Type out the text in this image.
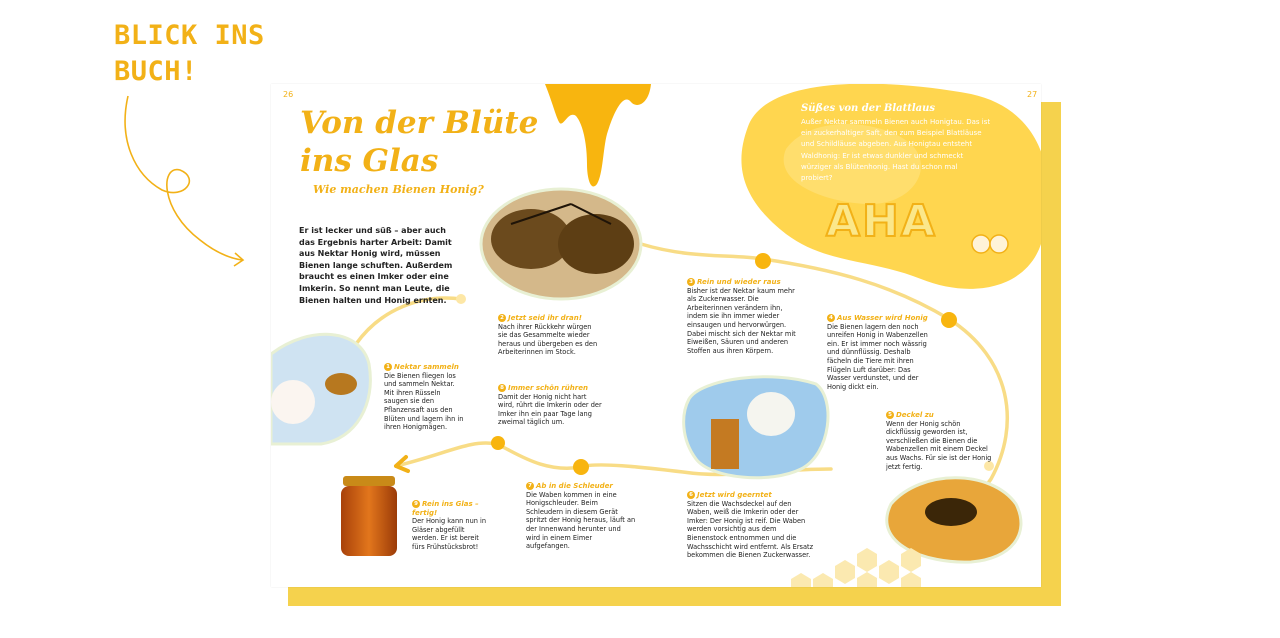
BLICK INS
BUCH!
26	27
Von der Blüte
ins Glas
Wie machen Bienen Honig?
Er ist lecker und süß – aber auch das Ergebnis harter Arbeit: Damit aus Nektar Honig wird, müssen Bienen lange schuften. Außerdem braucht es einen Imker oder eine Imkerin. So nennt man Leute, die Bienen halten und Honig ernten.
1 Nektar sammeln
Die Bienen fliegen los und sammeln Nektar. Mit ihren Rüsseln saugen sie den Pflanzensaft aus den Blüten und lagern ihn in ihren Honigmägen.
2 Jetzt seid ihr dran!
Nach ihrer Rückkehr würgen sie das Gesammelte wieder heraus und übergeben es den Arbeiterinnen im Stock.
3 Rein und wieder raus
Bisher ist der Nektar kaum mehr als Zuckerwasser. Die Arbeiterinnen verändern ihn, indem sie ihn immer wieder einsaugen und hervorwürgen. Dabei mischt sich der Nektar mit Eiweißen, Säuren und anderen Stoffen aus ihren Körpern.
4 Aus Wasser wird Honig
Die Bienen lagern den noch unreifen Honig in Wabenzellen ein. Er ist immer noch wässrig und dünnflüssig. Deshalb fächeln die Tiere mit ihren Flügeln Luft darüber: Das Wasser verdunstet, und der Honig dickt ein.
5 Deckel zu
Wenn der Honig schön dickflüssig geworden ist, verschließen die Bienen die Wabenzellen mit einem Deckel aus Wachs. Für sie ist der Honig jetzt fertig.
6 Jetzt wird geerntet
Sitzen die Wachsdeckel auf den Waben, weiß die Imkerin oder der Imker: Der Honig ist reif. Die Waben werden vorsichtig aus dem Bienenstock entnommen und die Wachsschicht wird entfernt. Als Ersatz bekommen die Bienen Zuckerwasser.
7 Ab in die Schleuder
Die Waben kommen in eine Honigschleuder. Beim Schleudern in diesem Gerät spritzt der Honig heraus, läuft an der Innenwand herunter und wird in einem Eimer aufgefangen.
8 Immer schön rühren
Damit der Honig nicht hart wird, rührt die Imkerin oder der Imker ihn ein paar Tage lang zweimal täglich um.
9 Rein ins Glas – fertig!
Der Honig kann nun in Gläser abgefüllt werden. Er ist bereit fürs Frühstücksbrot!
Süßes von der Blattlaus
Außer Nektar sammeln Bienen auch Honigtau. Das ist ein zuckerhaltiger Saft, den zum Beispiel Blattläuse und Schildläuse abgeben. Aus Honigtau entsteht Waldhonig: Er ist etwas dunkler und schmeckt würziger als Blütenhonig. Hast du schon mal probiert?
AHA
